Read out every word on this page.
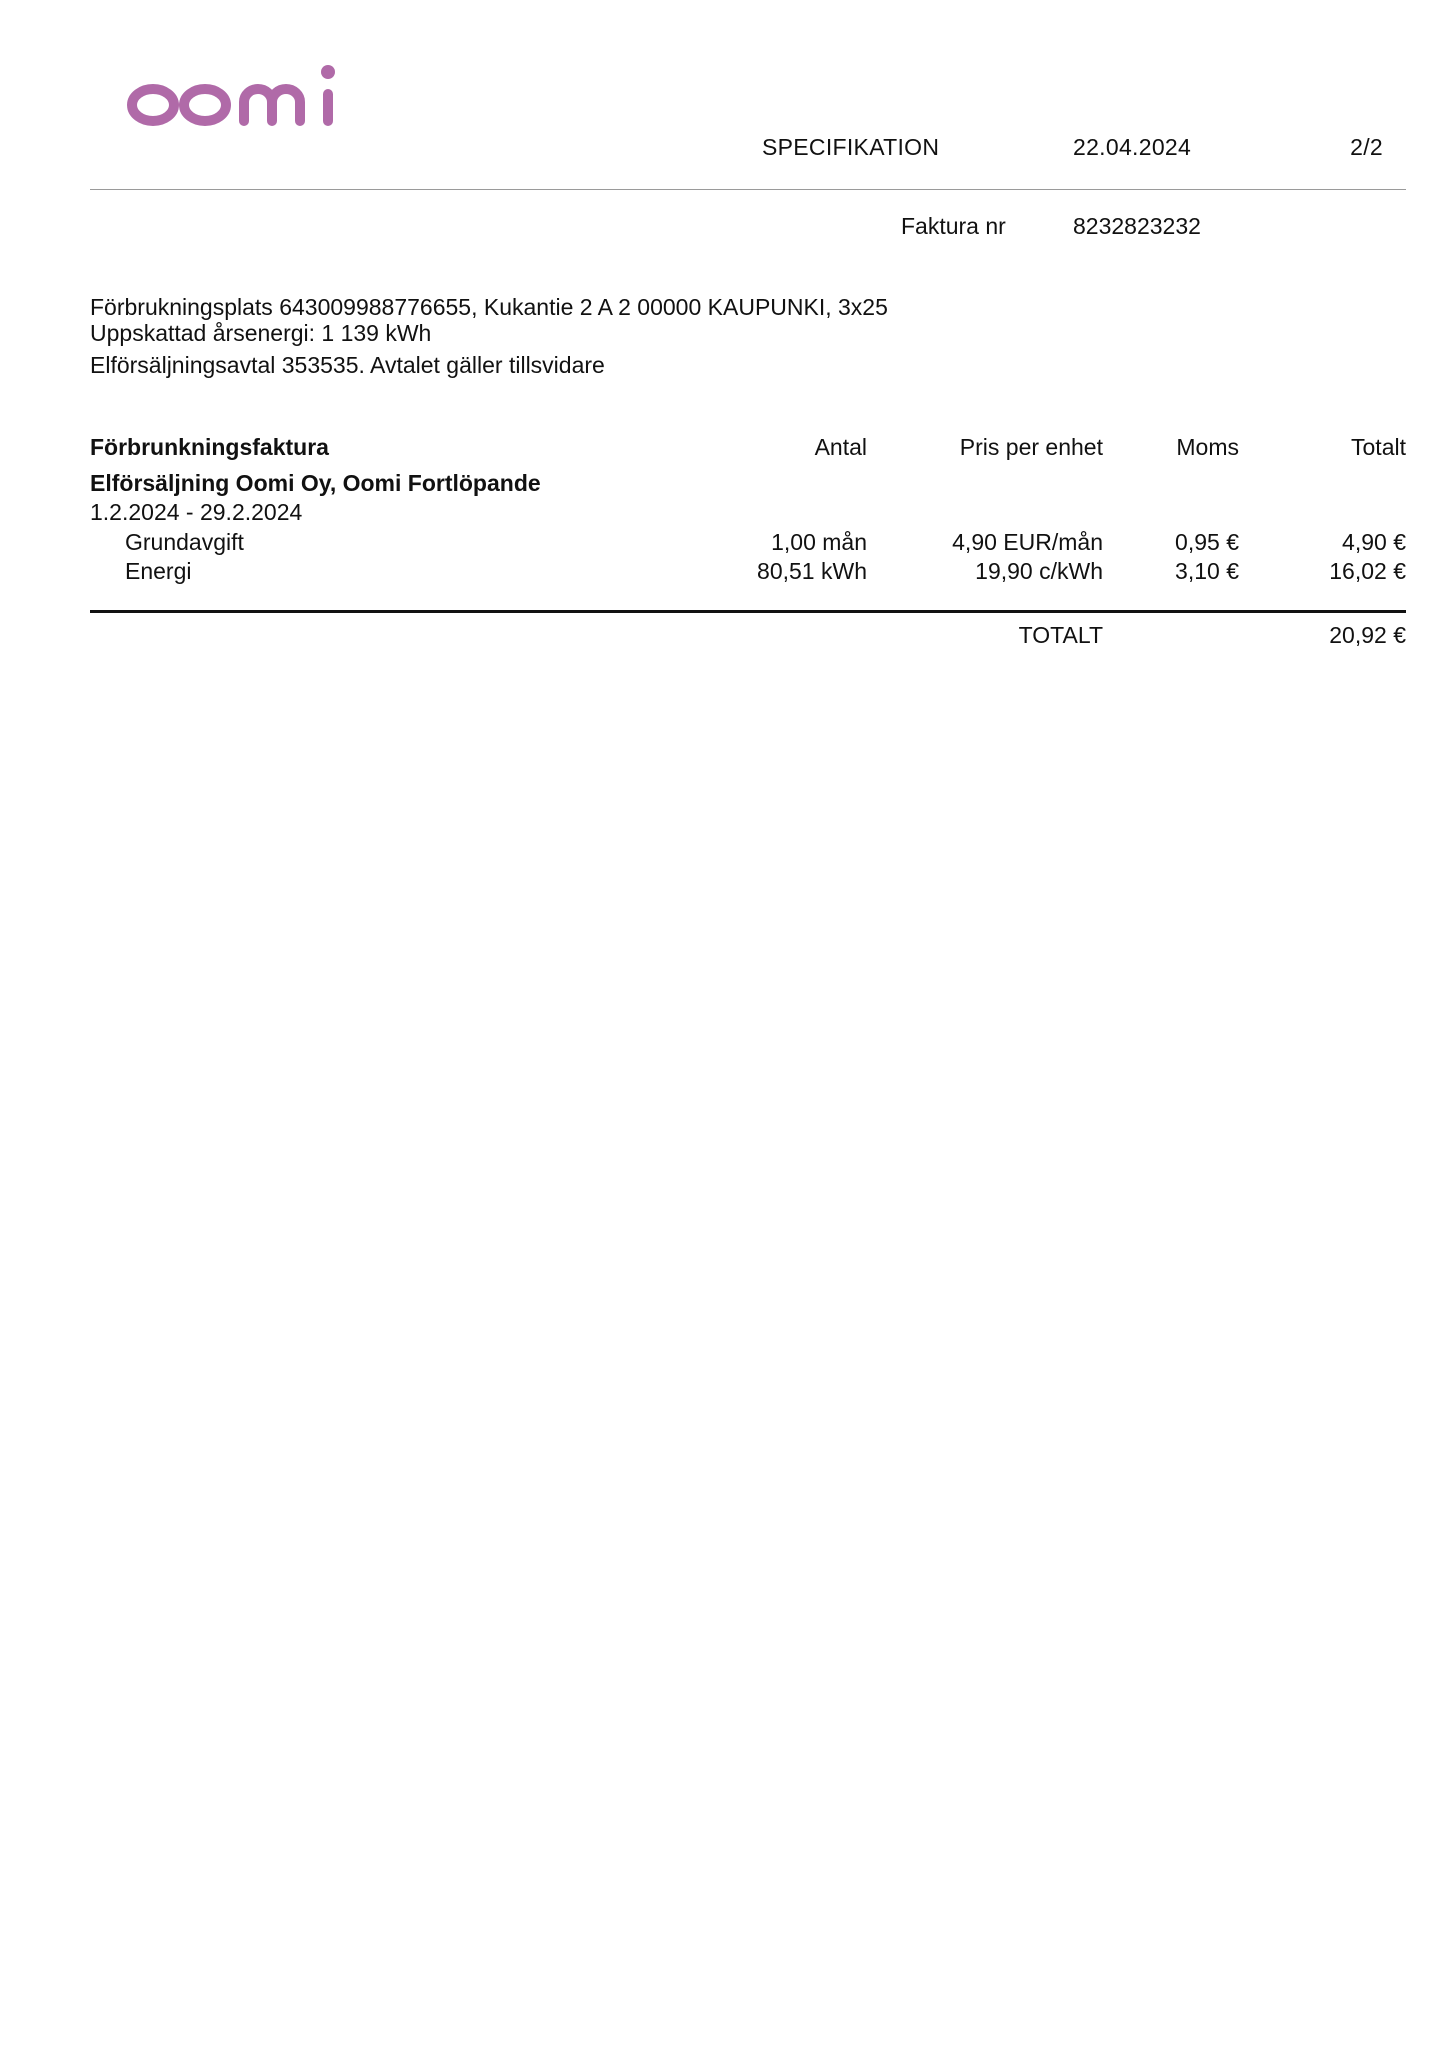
SPECIFIKATION	22.04.2024	2/2
Faktura nr	8232823232
Förbrukningsplats 643009988776655, Kukantie 2 A 2 00000 KAUPUNKI, 3x25
Uppskattad årsenergi: 1 139 kWh
Elförsäljningsavtal 353535. Avtalet gäller tillsvidare
Förbrunkningsfaktura	Antal	Pris per enhet	Moms	Totalt
Elförsäljning Oomi Oy, Oomi Fortlöpande
1.2.2024 - 29.2.2024
Grundavgift	1,00 mån	4,90 EUR/mån	0,95 €	4,90 €
Energi	80,51 kWh	19,90 c/kWh	3,10 €	16,02 €
TOTALT	20,92 €
